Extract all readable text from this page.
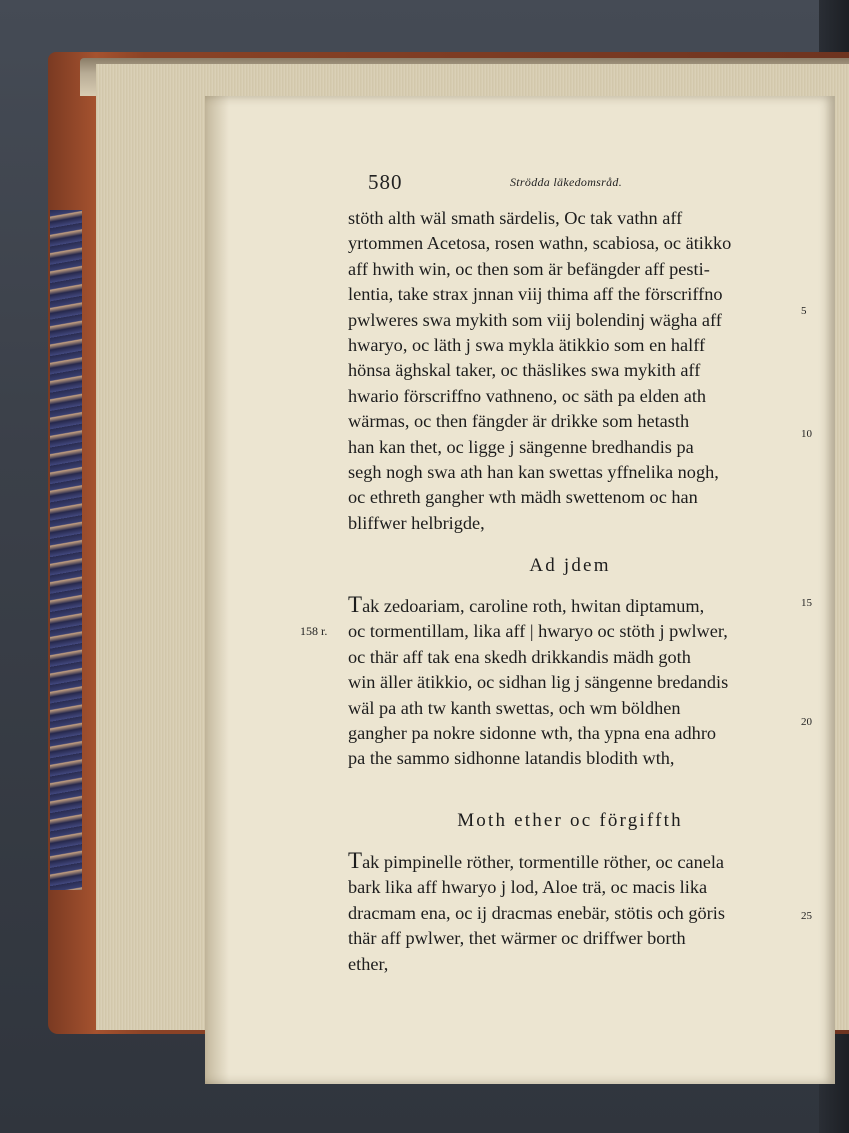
580	Strödda läkedomsråd.

stöth alth wäl smath särdelis, Oc tak vathn aff

yrtommen Acetosa, rosen wathn, scabiosa, oc ätikko

aff hwith win, oc then som är befängder aff pesti-

lentia, take strax jnnan viij thima aff the förscriffno

pwlweres swa mykith som viij bolendinj wägha aff

hwaryo, oc läth j swa mykla ätikkio som en halff

hönsa äghskal taker, oc thäslikes swa mykith aff

hwario förscriffno vathneno, oc säth pa elden ath

wärmas, oc then fängder är drikke som hetasth

han kan thet, oc ligge j sängenne bredhandis pa

segh nogh swa ath han kan swettas yffnelika nogh,

oc ethreth gangher wth mädh swettenom oc han

bliffwer helbrigde,

Ad jdem

Tak zedoariam, caroline roth, hwitan diptamum,

oc tormentillam, lika aff | hwaryo oc stöth j pwlwer,

oc thär aff tak ena skedh drikkandis mädh goth

win äller ätikkio, oc sidhan lig j sängenne bredandis

wäl pa ath tw kanth swettas, och wm böldhen

gangher pa nokre sidonne wth, tha ypna ena adhro

pa the sammo sidhonne latandis blodith wth,

Moth ether oc förgiffth

Tak pimpinelle röther, tormentille röther, oc canela

bark lika aff hwaryo j lod, Aloe trä, oc macis lika

dracmam ena, oc ij dracmas enebär, stötis och göris

thär aff pwlwer, thet wärmer oc driffwer borth

ether,

5
10
15
20
25
158 r.
